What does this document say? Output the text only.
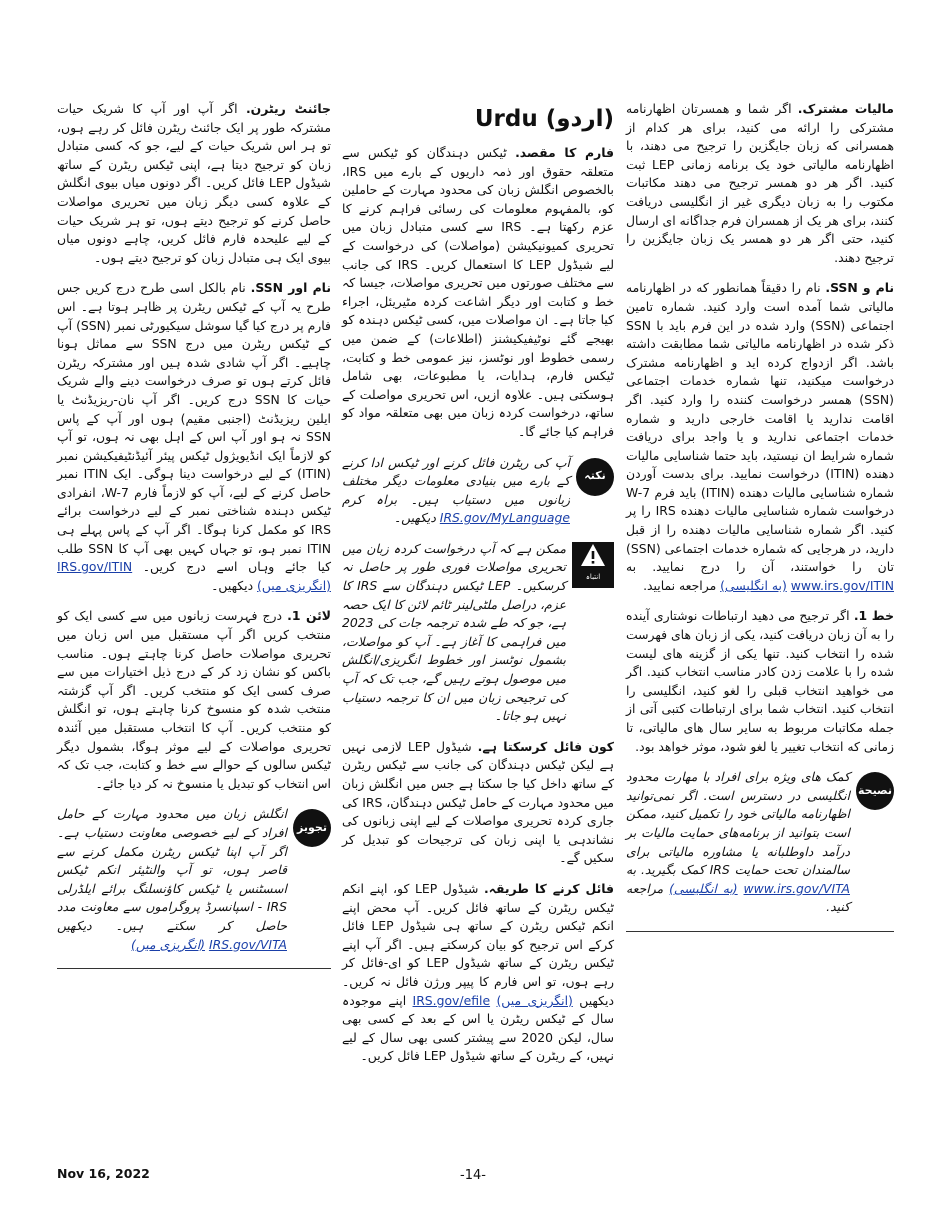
مالیات مشترک. اگر شما و همسرتان اظهارنامه مشترکی را ارائه می کنید، برای هر کدام از همسرانی که زبان جایگزین را ترجیح می دهند، با اظهارنامه مالیاتی خود یک برنامه زمانی LEP ثبت کنید. اگر هر دو همسر ترجیح می دهند مکاتبات مکتوب را به زبان دیگری غیر از انگلیسی دریافت کنند، برای هر یک از همسران فرم جداگانه ای ارسال کنید، حتی اگر هر دو همسر یک زبان جایگزین را ترجیح دهند.

نام و SSN. نام را دقیقاً همانطور که در اظهارنامه مالیاتی شما آمده است وارد کنید. شماره تامین اجتماعی (SSN) وارد شده در این فرم باید با SSN ذکر شده در اظهارنامه مالیاتی شما مطابقت داشته باشد. اگر ازدواج کرده اید و اظهارنامه مشترک درخواست میکنید، تنها شماره خدمات اجتماعی (SSN) همسر درخواست کننده را وارد کنید. اگر اقامت ندارید یا اقامت خارجی دارید و شماره خدمات اجتماعی ندارید و یا واجد برای دریافت شماره شرایط ان نیستید، باید حتما شناسایی مالیات دهنده (ITIN) درخواست نمایید. برای بدست آوردن شماره شناسایی مالیات دهنده (ITIN) باید فرم W-7 درخواست شماره شناسایی مالیات دهنده IRS را پر کنید. اگر شماره شناسایی مالیات دهنده را از قبل دارید، در هرجایی که شماره خدمات اجتماعی (SSN) تان را خواستند، آن را درج نمایید. به www.irs.gov/ITIN (به انگلیسی) مراجعه نمایید.

خط 1. اگر ترجیح می دهید ارتباطات نوشتاری آینده را به آن زبان دریافت کنید، یکی از زبان های فهرست شده را انتخاب کنید. تنها یکی از گزینه های لیست شده را با علامت زدن کادر مناسب انتخاب کنید. اگر می خواهید انتخاب قبلی را لغو کنید، انگلیسی را انتخاب کنید. انتخاب شما برای ارتباطات کتبی آتی از جمله مکاتبات مربوط به سایر سال های مالیاتی، تا زمانی که انتخاب تغییر یا لغو شود، موثر خواهد بود.

نصیحة
کمک های ویژه برای افراد با مهارت محدود انگلیسی در دسترس است. اگر نمی‌توانید اظهارنامه مالیاتی خود را تکمیل کنید، ممکن است بتوانید از برنامه‌های حمایت مالیات بر درآمد داوطلبانه یا مشاوره مالیاتی برای سالمندان تحت حمایت IRS کمک بگیرید. به www.irs.gov/VITA (به انگلیسی) مراجعه کنید.
Urdu (اردو)

فارم کا مقصد. ٹیکس دہندگان کو ٹیکس سے متعلقہ حقوق اور ذمہ داریوں کے بارے میں IRS، بالخصوص انگلش زبان کی محدود مہارت کے حاملین کو، بالمفہوم معلومات کی رسائی فراہم کرنے کا عزم رکھتا ہے۔ IRS سے کسی متبادل زبان میں تحریری کمیونیکیشن (مواصلات) کی درخواست کے لیے شیڈول LEP کا استعمال کریں۔ IRS کی جانب سے مختلف صورتوں میں تحریری مواصلات، جیسا کہ خط و کتابت اور دیگر اشاعت کردہ مٹیریئل، اجراء کیا جاتا ہے۔ ان مواصلات میں، کسی ٹیکس دہندہ کو بھیجے گئے نوٹیفیکیشنز (اطلاعات) کے ضمن میں رسمی خطوط اور نوٹسز، نیز عمومی خط و کتابت، ٹیکس فارم، ہدایات، یا مطبوعات، بھی شامل ہوسکتی ہیں۔ علاوہ ازیں، اس تحریری مواصلت کے ساتھ، درخواست کردہ زبان میں بھی متعلقہ مواد کو فراہم کیا جائے گا۔

نکتہ
آپ کی ریٹرن فائل کرنے اور ٹیکس ادا کرنے کے بارے میں بنیادی معلومات دیگر مختلف زبانوں میں دستیاب ہیں۔ براہ کرم IRS.gov/MyLanguage دیکھیں۔
انتباہ
ممکن ہے کہ آپ درخواست کردہ زبان میں تحریری مواصلات فوری طور پر حاصل نہ کرسکیں۔ LEP ٹیکس دہندگان سے IRS کا عزم، دراصل ملٹی‌لینر ٹائم لائن کا ایک حصہ ہے، جو کہ طے شدہ ترجمہ جات کی 2023 میں فراہمی کا آغاز ہے۔ آپ کو مواصلات، بشمول نوٹسز اور خطوط انگریزی/انگلش میں موصول ہوتے رہیں گے، جب تک کہ آپ کی ترجیحی زبان میں ان کا ترجمہ دستیاب نہیں ہو جاتا۔

کون فائل کرسکتا ہے. شیڈول LEP لازمی نہیں ہے لیکن ٹیکس دہندگان کی جانب سے ٹیکس ریٹرن کے ساتھ داخل کیا جا سکتا ہے جس میں انگلش زبان میں محدود مہارت کے حامل ٹیکس دہندگان، IRS کی جاری کردہ تحریری مواصلات کے لیے اپنی زبانوں کی نشاندہی یا اپنی زبان کی ترجیحات کو تبدیل کر سکیں گے۔

فائل کرنے کا طریقہ. شیڈول LEP کو، اپنے انکم ٹیکس ریٹرن کے ساتھ فائل کریں۔ آپ محض اپنے انکم ٹیکس ریٹرن کے ساتھ ہی شیڈول LEP فائل کرکے اس ترجیح کو بیان کرسکتے ہیں۔ اگر آپ اپنے ٹیکس ریٹرن کے ساتھ شیڈول LEP کو ای-فائل کر رہے ہوں، تو اس فارم کا پیپر ورژن فائل نہ کریں۔ دیکھیں (انگریزی میں) IRS.gov/efile اپنے موجودہ سال کے ٹیکس ریٹرن یا اس کے بعد کے کسی بھی سال، لیکن 2020 سے پیشتر کسی بھی سال کے لیے نہیں، کے ریٹرن کے ساتھ شیڈول LEP فائل کریں۔

جائنٹ ریٹرن. اگر آپ اور آپ کا شریک حیات مشترکہ طور پر ایک جائنٹ ریٹرن فائل کر رہے ہوں، تو ہر اس شریک حیات کے لیے، جو کہ کسی متبادل زبان کو ترجیح دیتا ہے، اپنی ٹیکس ریٹرن کے ساتھ شیڈول LEP فائل کریں۔ اگر دونوں میاں بیوی انگلش کے علاوہ کسی دیگر زبان میں تحریری مواصلات حاصل کرنے کو ترجیح دیتے ہوں، تو ہر شریک حیات کے لیے علیحدہ فارم فائل کریں، چاہے دونوں میاں بیوی ایک ہی متبادل زبان کو ترجیح دیتے ہوں۔

نام اور SSN. نام بالکل اسی طرح درج کریں جس طرح یہ آپ کے ٹیکس ریٹرن پر ظاہر ہوتا ہے۔ اس فارم پر درج کیا گیا سوشل سیکیورٹی نمبر (SSN) آپ کے ٹیکس ریٹرن میں درج SSN سے مماثل ہونا چاہیے۔ اگر آپ شادی شدہ ہیں اور مشترکہ ریٹرن فائل کرتے ہوں تو صرف درخواست دینے والے شریک حیات کا SSN درج کریں۔ اگر آپ نان-ریزیڈنٹ یا ایلین ریزیڈنٹ (اجنبی مقیم) ہوں اور آپ کے پاس SSN نہ ہو اور آپ اس کے اہل بھی نہ ہوں، تو آپ کو لازماً ایک انڈیویژول ٹیکس پیئر آئیڈنٹیفیکیشن نمبر (ITIN) کے لیے درخواست دینا ہوگی۔ ایک ITIN نمبر حاصل کرنے کے لیے، آپ کو لازماً فارم W-7، انفرادی ٹیکس دہندہ شناختی نمبر کے لیے درخواست برائے IRS کو مکمل کرنا ہوگا۔ اگر آپ کے پاس پہلے ہی ITIN نمبر ہو، تو جہاں کہیں بھی آپ کا SSN طلب کیا جائے وہاں اسے درج کریں۔ IRS.gov/ITIN (انگریزی میں) دیکھیں۔

لائن 1. درج فہرست زبانوں میں سے کسی ایک کو منتخب کریں اگر آپ مستقبل میں اس زبان میں تحریری مواصلات حاصل کرنا چاہتے ہوں۔ مناسب باکس کو نشان زد کر کے درج ذیل اختیارات میں سے صرف کسی ایک کو منتخب کریں۔ اگر آپ گزشتہ منتخب شدہ کو منسوخ کرنا چاہتے ہوں، تو انگلش کو منتخب کریں۔ آپ کا انتخاب مستقبل میں آئندہ تحریری مواصلات کے لیے موثر ہوگا، بشمول دیگر ٹیکس سالوں کے حوالے سے خط و کتابت، جب تک کہ اس انتخاب کو تبدیل یا منسوخ نہ کر دیا جائے۔

تجویز
انگلش زبان میں محدود مہارت کے حامل افراد کے لیے خصوصی معاونت دستیاب ہے۔ اگر آپ اپنا ٹیکس ریٹرن مکمل کرنے سے قاصر ہوں، تو آپ والنٹیئر انکم ٹیکس اسسٹنس یا ٹیکس کاؤنسلنگ برائے ایلڈرلی IRS - اسپانسرڈ پروگراموں سے معاونت مدد حاصل کر سکتے ہیں۔ دیکھیں IRS.gov/VITA (انگریزی میں)
Nov 16, 2022	-14-
